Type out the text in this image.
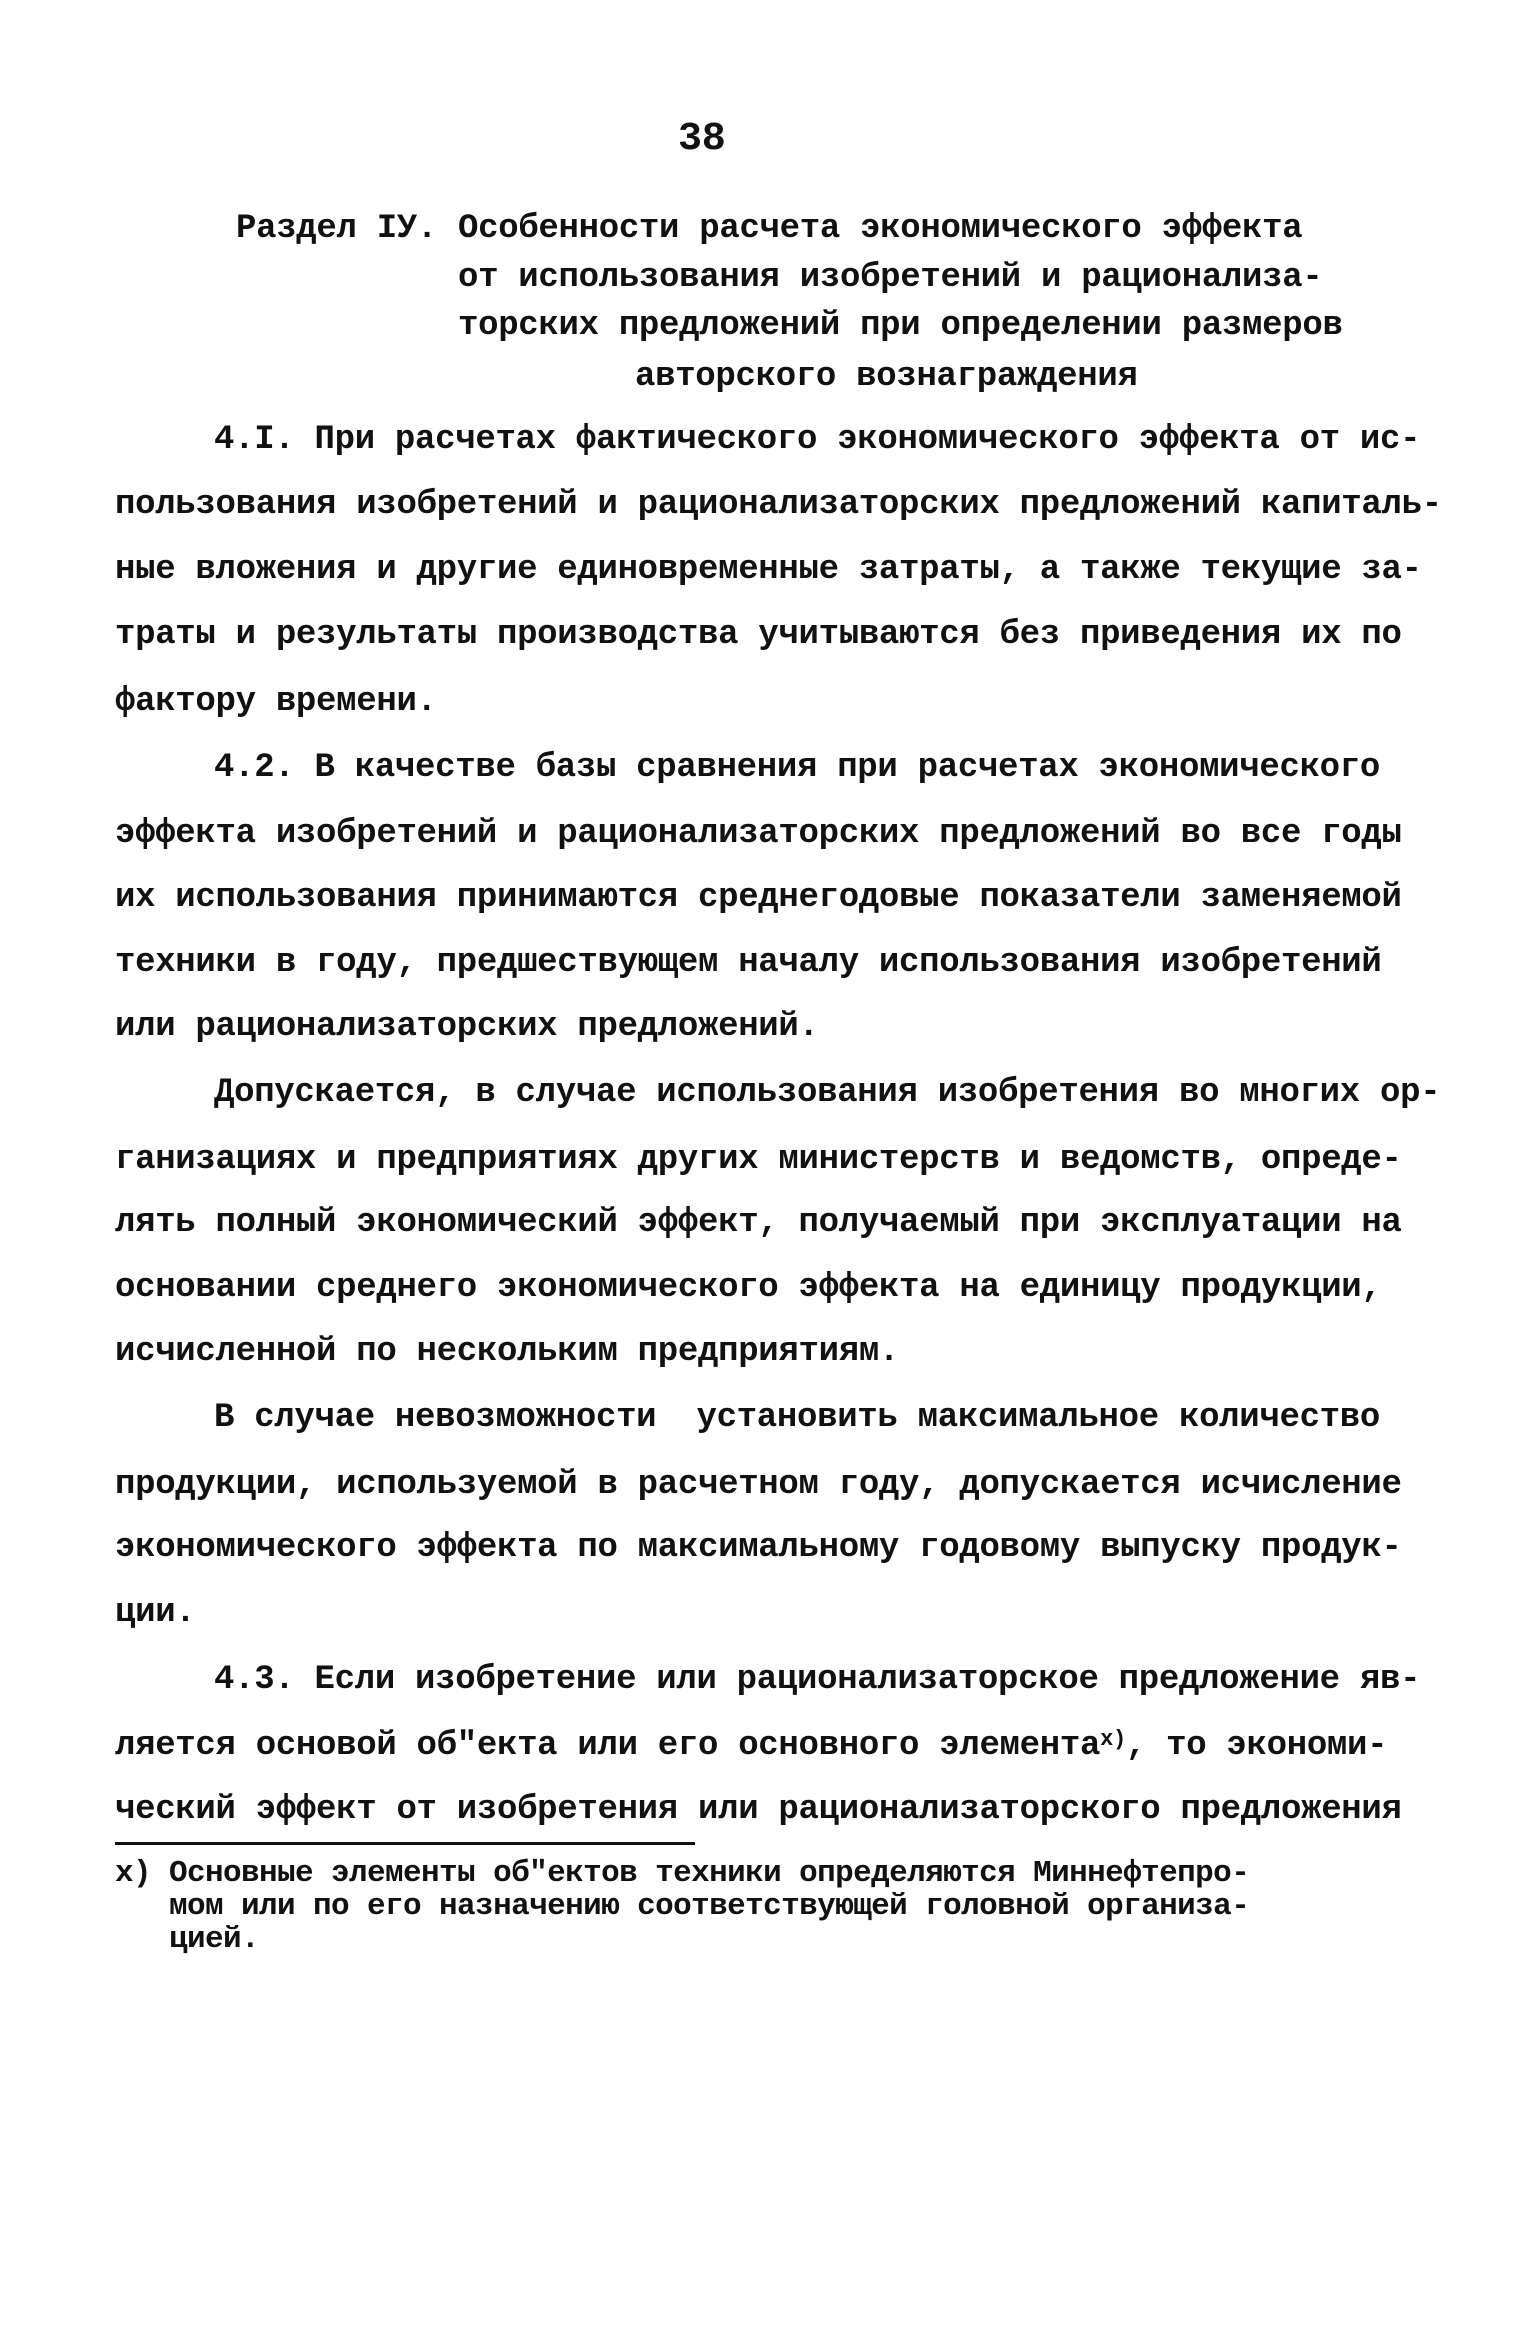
38
Раздел IУ. Особенности расчета экономического эффекта
от использования изобретений и рационализа-
торских предложений при определении размеров
авторского вознаграждения
4.I. При расчетах фактического экономического эффекта от ис-
пользования изобретений и рационализаторских предложений капиталь-
ные вложения и другие единовременные затраты, а также текущие за-
траты и результаты производства учитываются без приведения их по
фактору времени.
4.2. В качестве базы сравнения при расчетах экономического
эффекта изобретений и рационализаторских предложений во все годы
их использования принимаются среднегодовые показатели заменяемой
техники в году, предшествующем началу использования изобретений
или рационализаторских предложений.
Допускается, в случае использования изобретения во многих ор-
ганизациях и предприятиях других министерств и ведомств, опреде-
лять полный экономический эффект, получаемый при эксплуатации на
основании среднего экономического эффекта на единицу продукции,
исчисленной по нескольким предприятиям.
В случае невозможности  установить максимальное количество
продукции, используемой в расчетном году, допускается исчисление
экономического эффекта по максимальному годовому выпуску продук-
ции.
4.3. Если изобретение или рационализаторское предложение яв-
ляется основой об"екта или его основного элемента$^{x)}$, то экономи-
ческий эффект от изобретения или рационализаторского предложения
x) Основные элементы об"ектов техники определяются Миннефтепро-
мом или по его назначению соответствующей головной организа-
цией.
